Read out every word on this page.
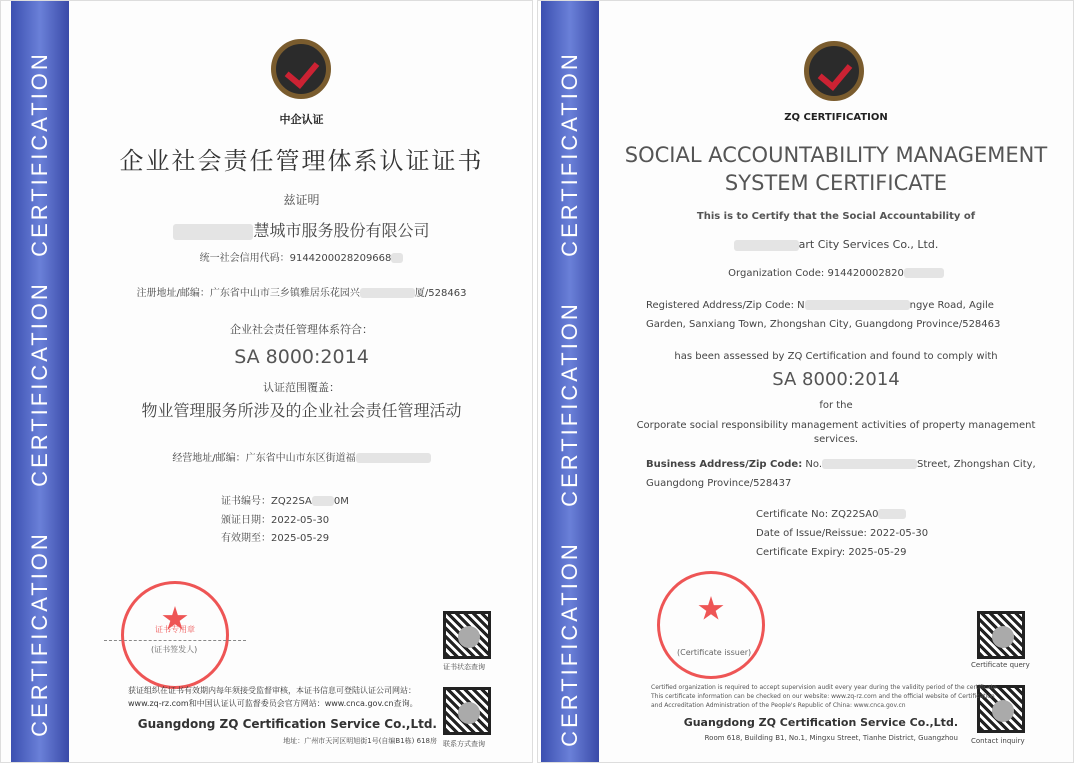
CERTIFICATION
CERTIFICATION
CERTIFICATION
中企认证
企业社会责任管理体系认证证书
兹证明
慧城市服务股份有限公司
统一社会信用代码：9144200028209668
注册地址/邮编：广东省中山市三乡镇雅居乐花园兴	厦/528463
企业社会责任管理体系符合：
SA 8000:2014
认证范围覆盖：
物业管理服务所涉及的企业社会责任管理活动
经营地址/邮编：广东省中山市东区街道福
证书编号：ZQ22SA 0M
颁证日期：2022-05-30
有效期至：2025-05-29
证书专用章
(证书签发人)
证书状态查询
联系方式查询
获证组织在证书有效期内每年须接受监督审核，本证书信息可登陆认证公司网站：
www.zq-rz.com和中国认证认可监督委员会官方网站：www.cnca.gov.cn查询。
Guangdong ZQ Certification Service Co.,Ltd.
地址：广州市天河区明旭街1号(自编B1栋) 618房
CERTIFICATION
CERTIFICATION
CERTIFICATION
ZQ CERTIFICATION
SOCIAL ACCOUNTABILITY MANAGEMENT
SYSTEM CERTIFICATE
This is to Certify that the Social Accountability of
art City Services Co., Ltd.
Organization Code: 914420002820
Registered Address/Zip Code: N	ngye Road, Agile
Garden, Sanxiang Town, Zhongshan City, Guangdong Province/528463
has been assessed by ZQ Certification and found to comply with
SA 8000:2014
for the
Corporate social responsibility management activities of property management
services.
Business Address/Zip Code: No.	Street, Zhongshan City,
Guangdong Province/528437
Certificate No: ZQ22SA0
Date of Issue/Reissue: 2022-05-30
Certificate Expiry: 2025-05-29
(Certificate issuer)
Certificate query
Contact inquiry
Certified organization is required to accept supervision audit every year during the validity period of the certificate.
This certificate information can be checked on our website: www.zq-rz.com and the official website of Certification
and Accreditation Administration of the People's Republic of China: www.cnca.gov.cn
Guangdong ZQ Certification Service Co.,Ltd.
Room 618, Building B1, No.1, Mingxu Street, Tianhe District, Guangzhou
